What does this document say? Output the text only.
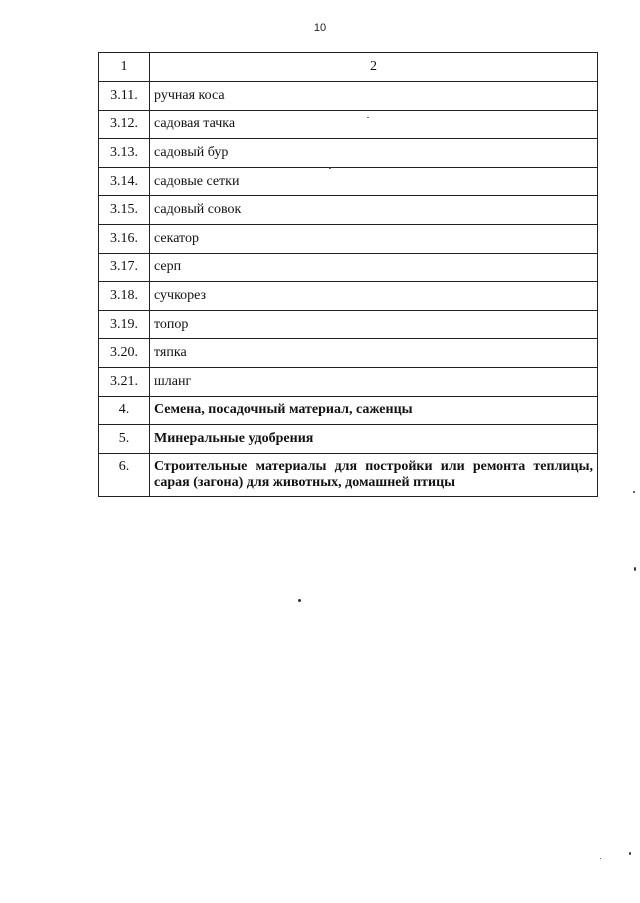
10
1	2
3.11.	ручная коса
3.12.	садовая тачка
3.13.	садовый бур
3.14.	садовые сетки
3.15.	садовый совок
3.16.	секатор
3.17.	серп
3.18.	сучкорез
3.19.	топор
3.20.	тяпка
3.21.	шланг
4.	Семена, посадочный материал, саженцы
5.	Минеральные удобрения
6.	Строительные материалы для постройки или ремонта теплицы, сарая (загона) для животных, домашней птицы
